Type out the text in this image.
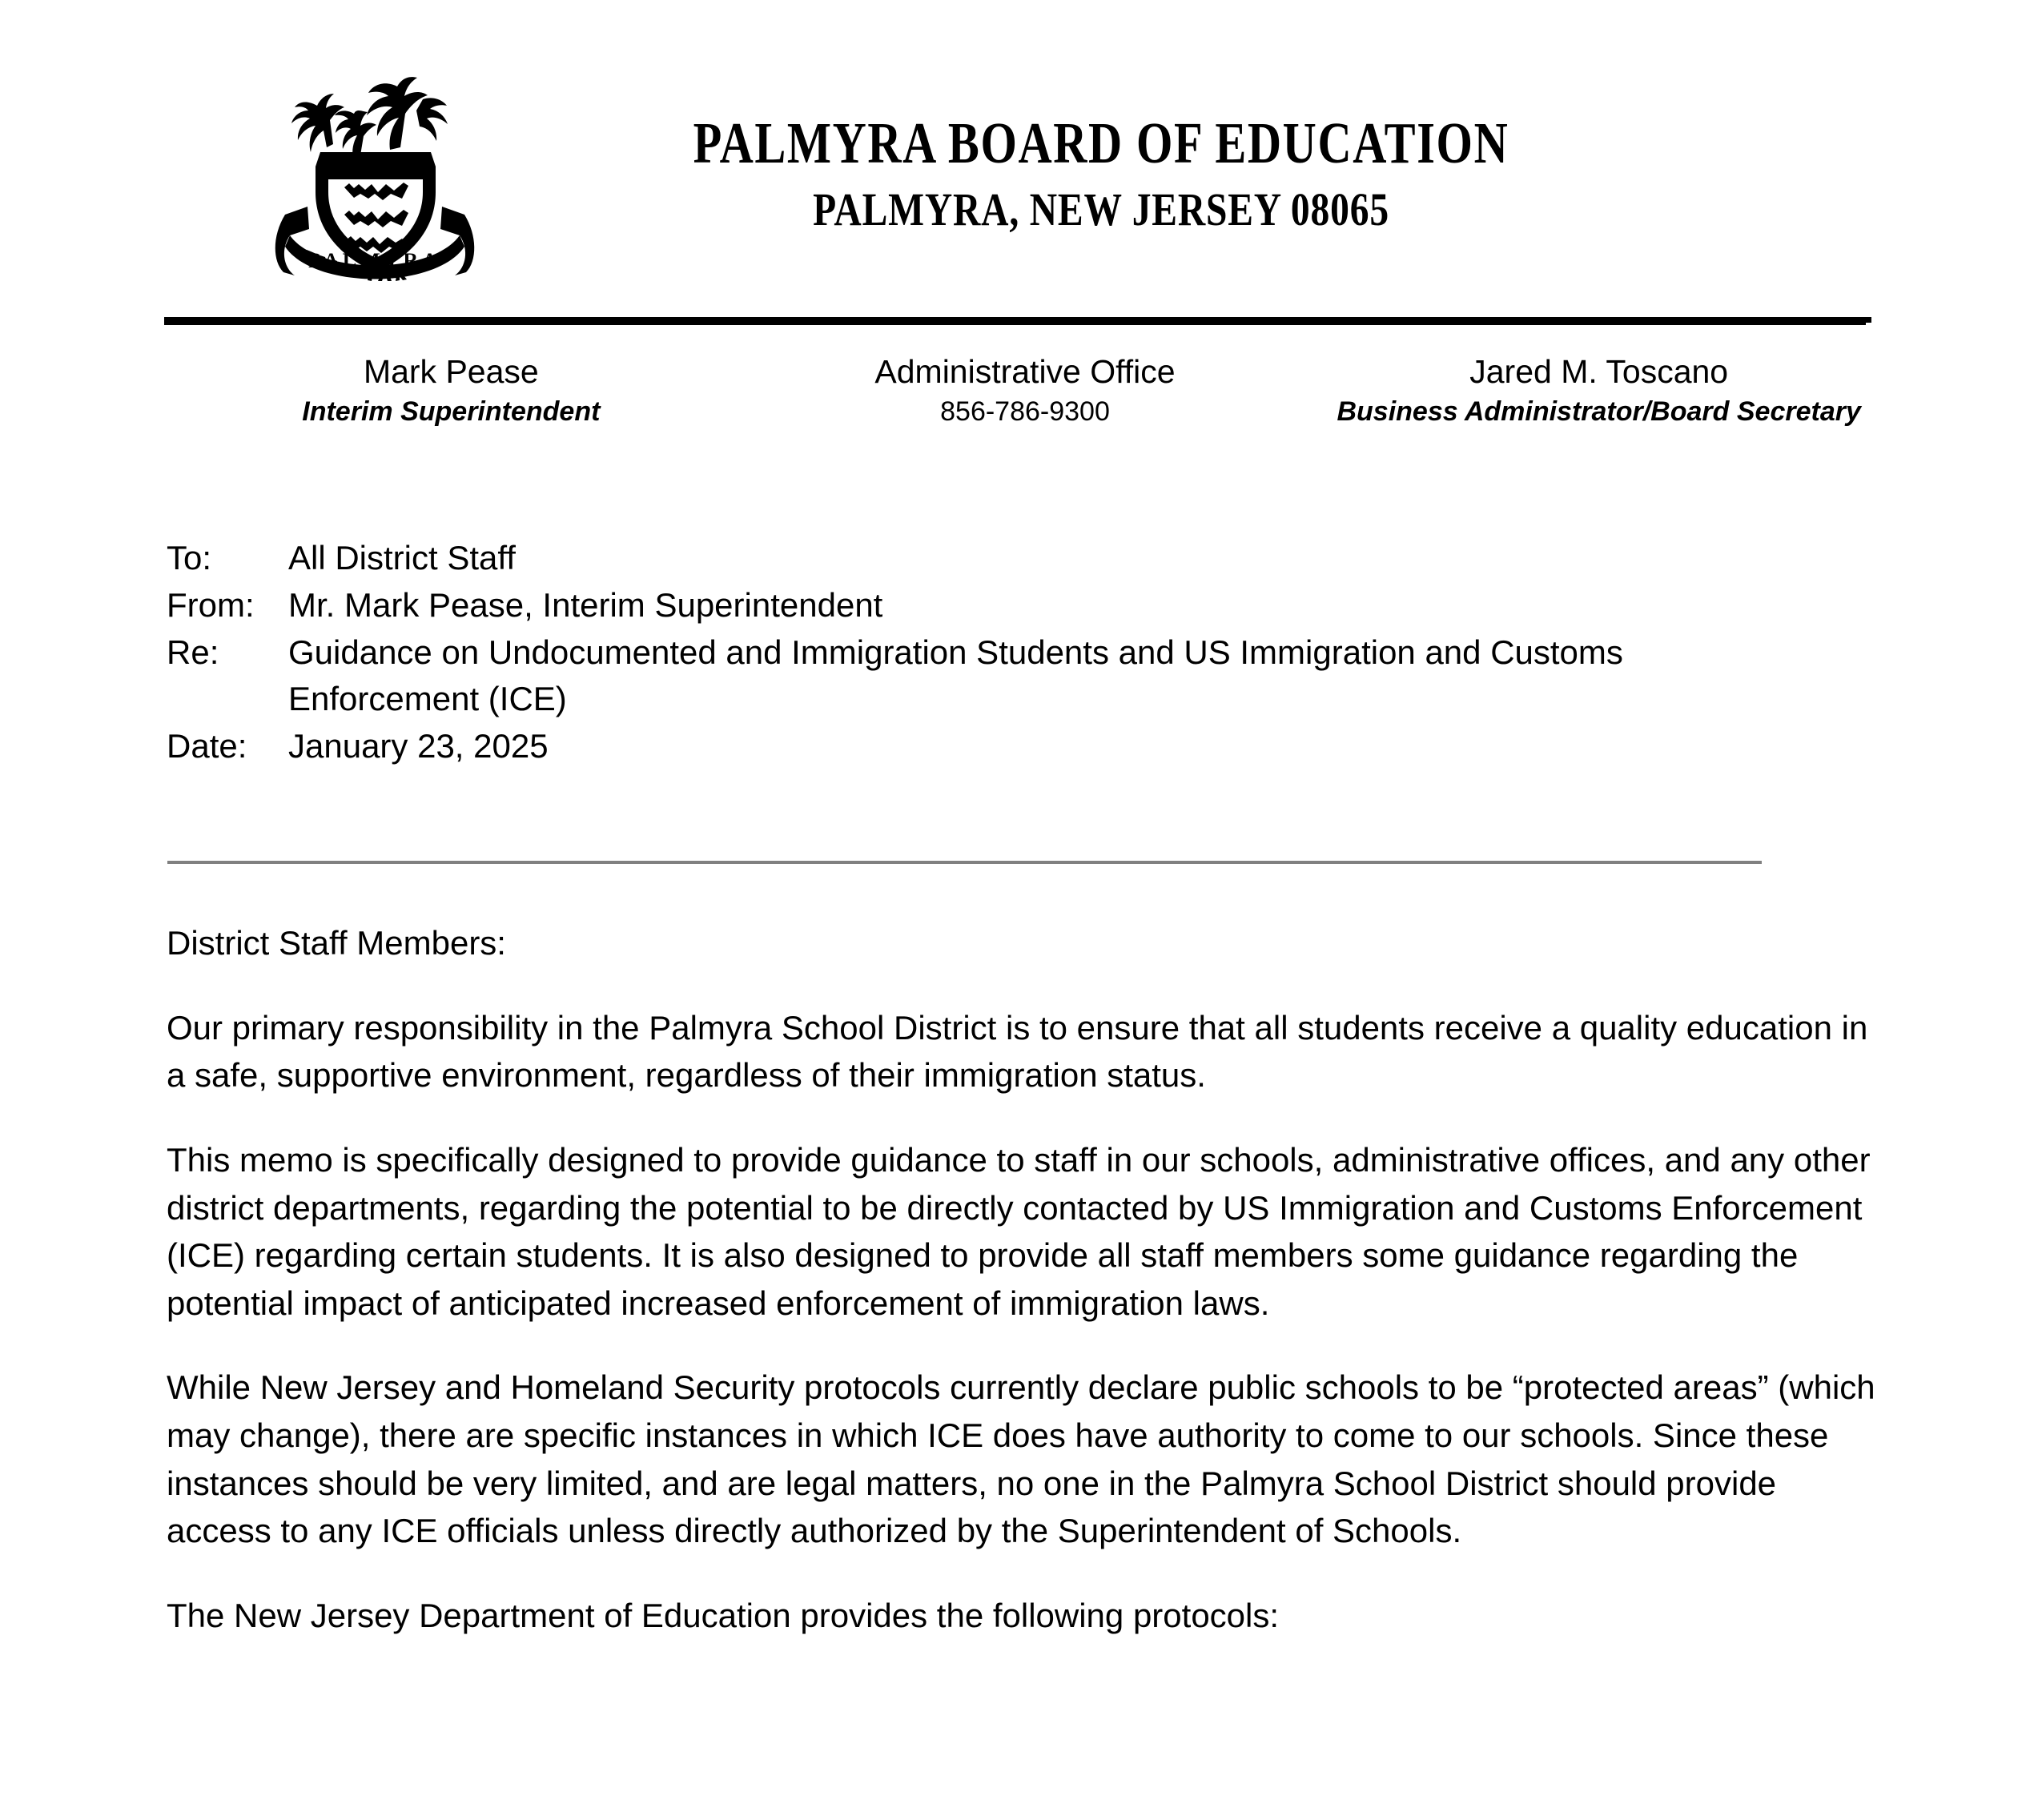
PALMYRA
PALMYRA BOARD OF EDUCATION
PALMYRA, NEW JERSEY 08065
Mark Pease
Interim Superintendent
Administrative Office
856-786-9300
Jared M. Toscano
Business Administrator/Board Secretary
To:	All District Staff
From:	Mr. Mark Pease, Interim Superintendent
Re:	Guidance on Undocumented and Immigration Students and US Immigration and Customs Enforcement (ICE)
Date:	January 23, 2025

District Staff Members:

Our primary responsibility in the Palmyra School District is to ensure that all students receive a quality education in a safe, supportive environment, regardless of their immigration status.

This memo is specifically designed to provide guidance to staff in our schools, administrative offices, and any other district departments, regarding the potential to be directly contacted by US Immigration and Customs Enforcement (ICE) regarding certain students. It is also designed to provide all staff members some guidance regarding the potential impact of anticipated increased enforcement of immigration laws.

While New Jersey and Homeland Security protocols currently declare public schools to be “protected areas” (which may change), there are specific instances in which ICE does have authority to come to our schools. Since these instances should be very limited, and are legal matters, no one in the Palmyra School District should provide access to any ICE officials unless directly authorized by the Superintendent of Schools.

The New Jersey Department of Education provides the following protocols:
